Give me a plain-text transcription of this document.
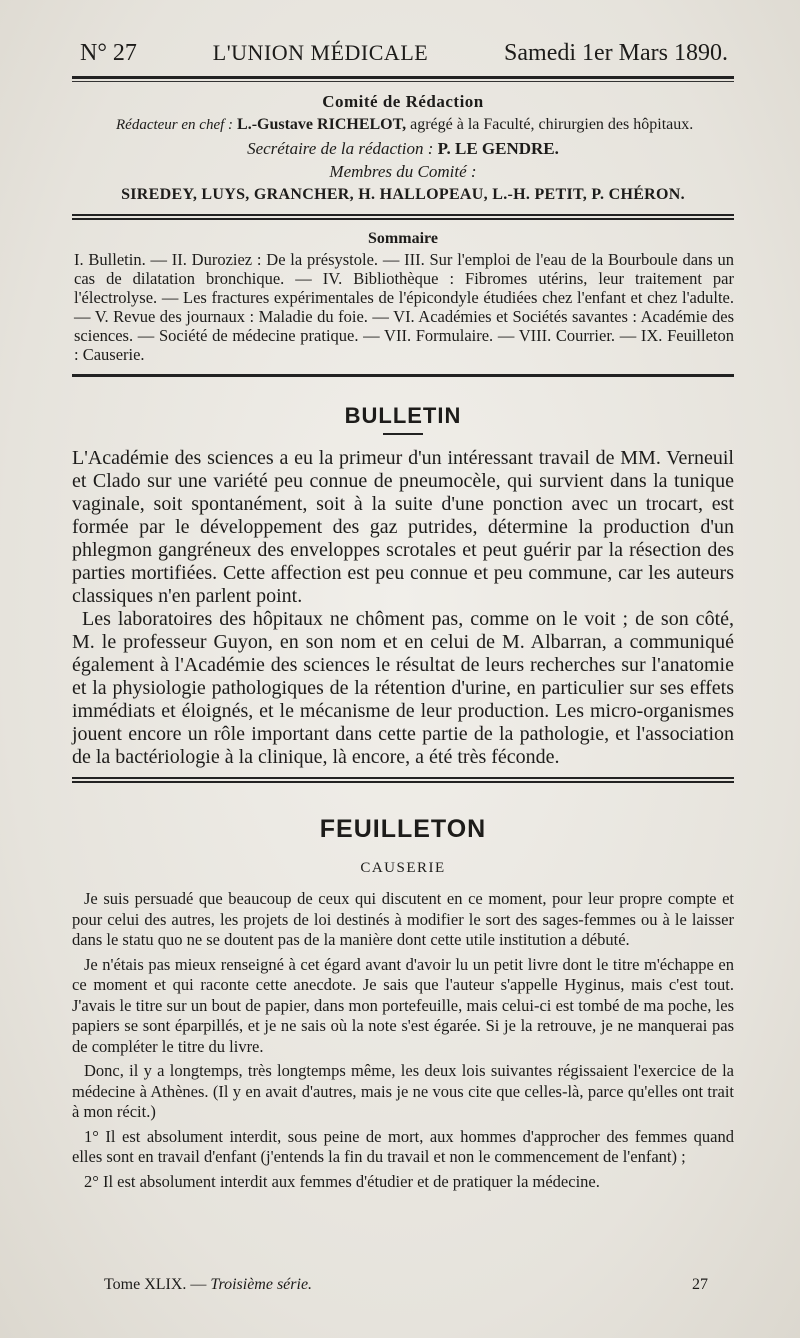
N° 27	L'UNION MÉDICALE	Samedi 1er Mars 1890.
Comité de Rédaction
Rédacteur en chef : L.-Gustave RICHELOT, agrégé à la Faculté, chirurgien des hôpitaux.
Secrétaire de la rédaction : P. LE GENDRE.
Membres du Comité :
SIREDEY, LUYS, GRANCHER, H. HALLOPEAU, L.-H. PETIT, P. CHÉRON.
Sommaire
I. Bulletin. — II. Duroziez : De la présystole. — III. Sur l'emploi de l'eau de la Bourboule dans un cas de dilatation bronchique. — IV. Bibliothèque : Fibromes utérins, leur traitement par l'électrolyse. — Les fractures expérimentales de l'épicondyle étudiées chez l'enfant et chez l'adulte. — V. Revue des journaux : Maladie du foie. — VI. Académies et Sociétés savantes : Académie des sciences. — Société de médecine pratique. — VII. Formulaire. — VIII. Courrier. — IX. Feuilleton : Causerie.
BULLETIN

L'Académie des sciences a eu la primeur d'un intéressant travail de MM. Verneuil et Clado sur une variété peu connue de pneumocèle, qui survient dans la tunique vaginale, soit spontanément, soit à la suite d'une ponction avec un trocart, est formée par le développement des gaz putrides, détermine la production d'un phlegmon gangréneux des enveloppes scrotales et peut guérir par la résection des parties mortifiées. Cette affection est peu connue et peu commune, car les auteurs classiques n'en parlent point.

Les laboratoires des hôpitaux ne chôment pas, comme on le voit ; de son côté, M. le professeur Guyon, en son nom et en celui de M. Albarran, a communiqué également à l'Académie des sciences le résultat de leurs recherches sur l'anatomie et la physiologie pathologiques de la rétention d'urine, en particulier sur ses effets immédiats et éloignés, et le mécanisme de leur production. Les micro-organismes jouent encore un rôle important dans cette partie de la pathologie, et l'association de la bactériologie à la clinique, là encore, a été très féconde.

FEUILLETON
CAUSERIE

Je suis persuadé que beaucoup de ceux qui discutent en ce moment, pour leur propre compte et pour celui des autres, les projets de loi destinés à modifier le sort des sages-femmes ou à le laisser dans le statu quo ne se doutent pas de la manière dont cette utile institution a débuté.

Je n'étais pas mieux renseigné à cet égard avant d'avoir lu un petit livre dont le titre m'échappe en ce moment et qui raconte cette anecdote. Je sais que l'auteur s'appelle Hyginus, mais c'est tout. J'avais le titre sur un bout de papier, dans mon portefeuille, mais celui-ci est tombé de ma poche, les papiers se sont éparpillés, et je ne sais où la note s'est égarée. Si je la retrouve, je ne manquerai pas de compléter le titre du livre.

Donc, il y a longtemps, très longtemps même, les deux lois suivantes régissaient l'exercice de la médecine à Athènes. (Il y en avait d'autres, mais je ne vous cite que celles-là, parce qu'elles ont trait à mon récit.)

1° Il est absolument interdit, sous peine de mort, aux hommes d'approcher des femmes quand elles sont en travail d'enfant (j'entends la fin du travail et non le commencement de l'enfant) ;

2° Il est absolument interdit aux femmes d'étudier et de pratiquer la médecine.

Tome XLIX. — Troisième série.	27
